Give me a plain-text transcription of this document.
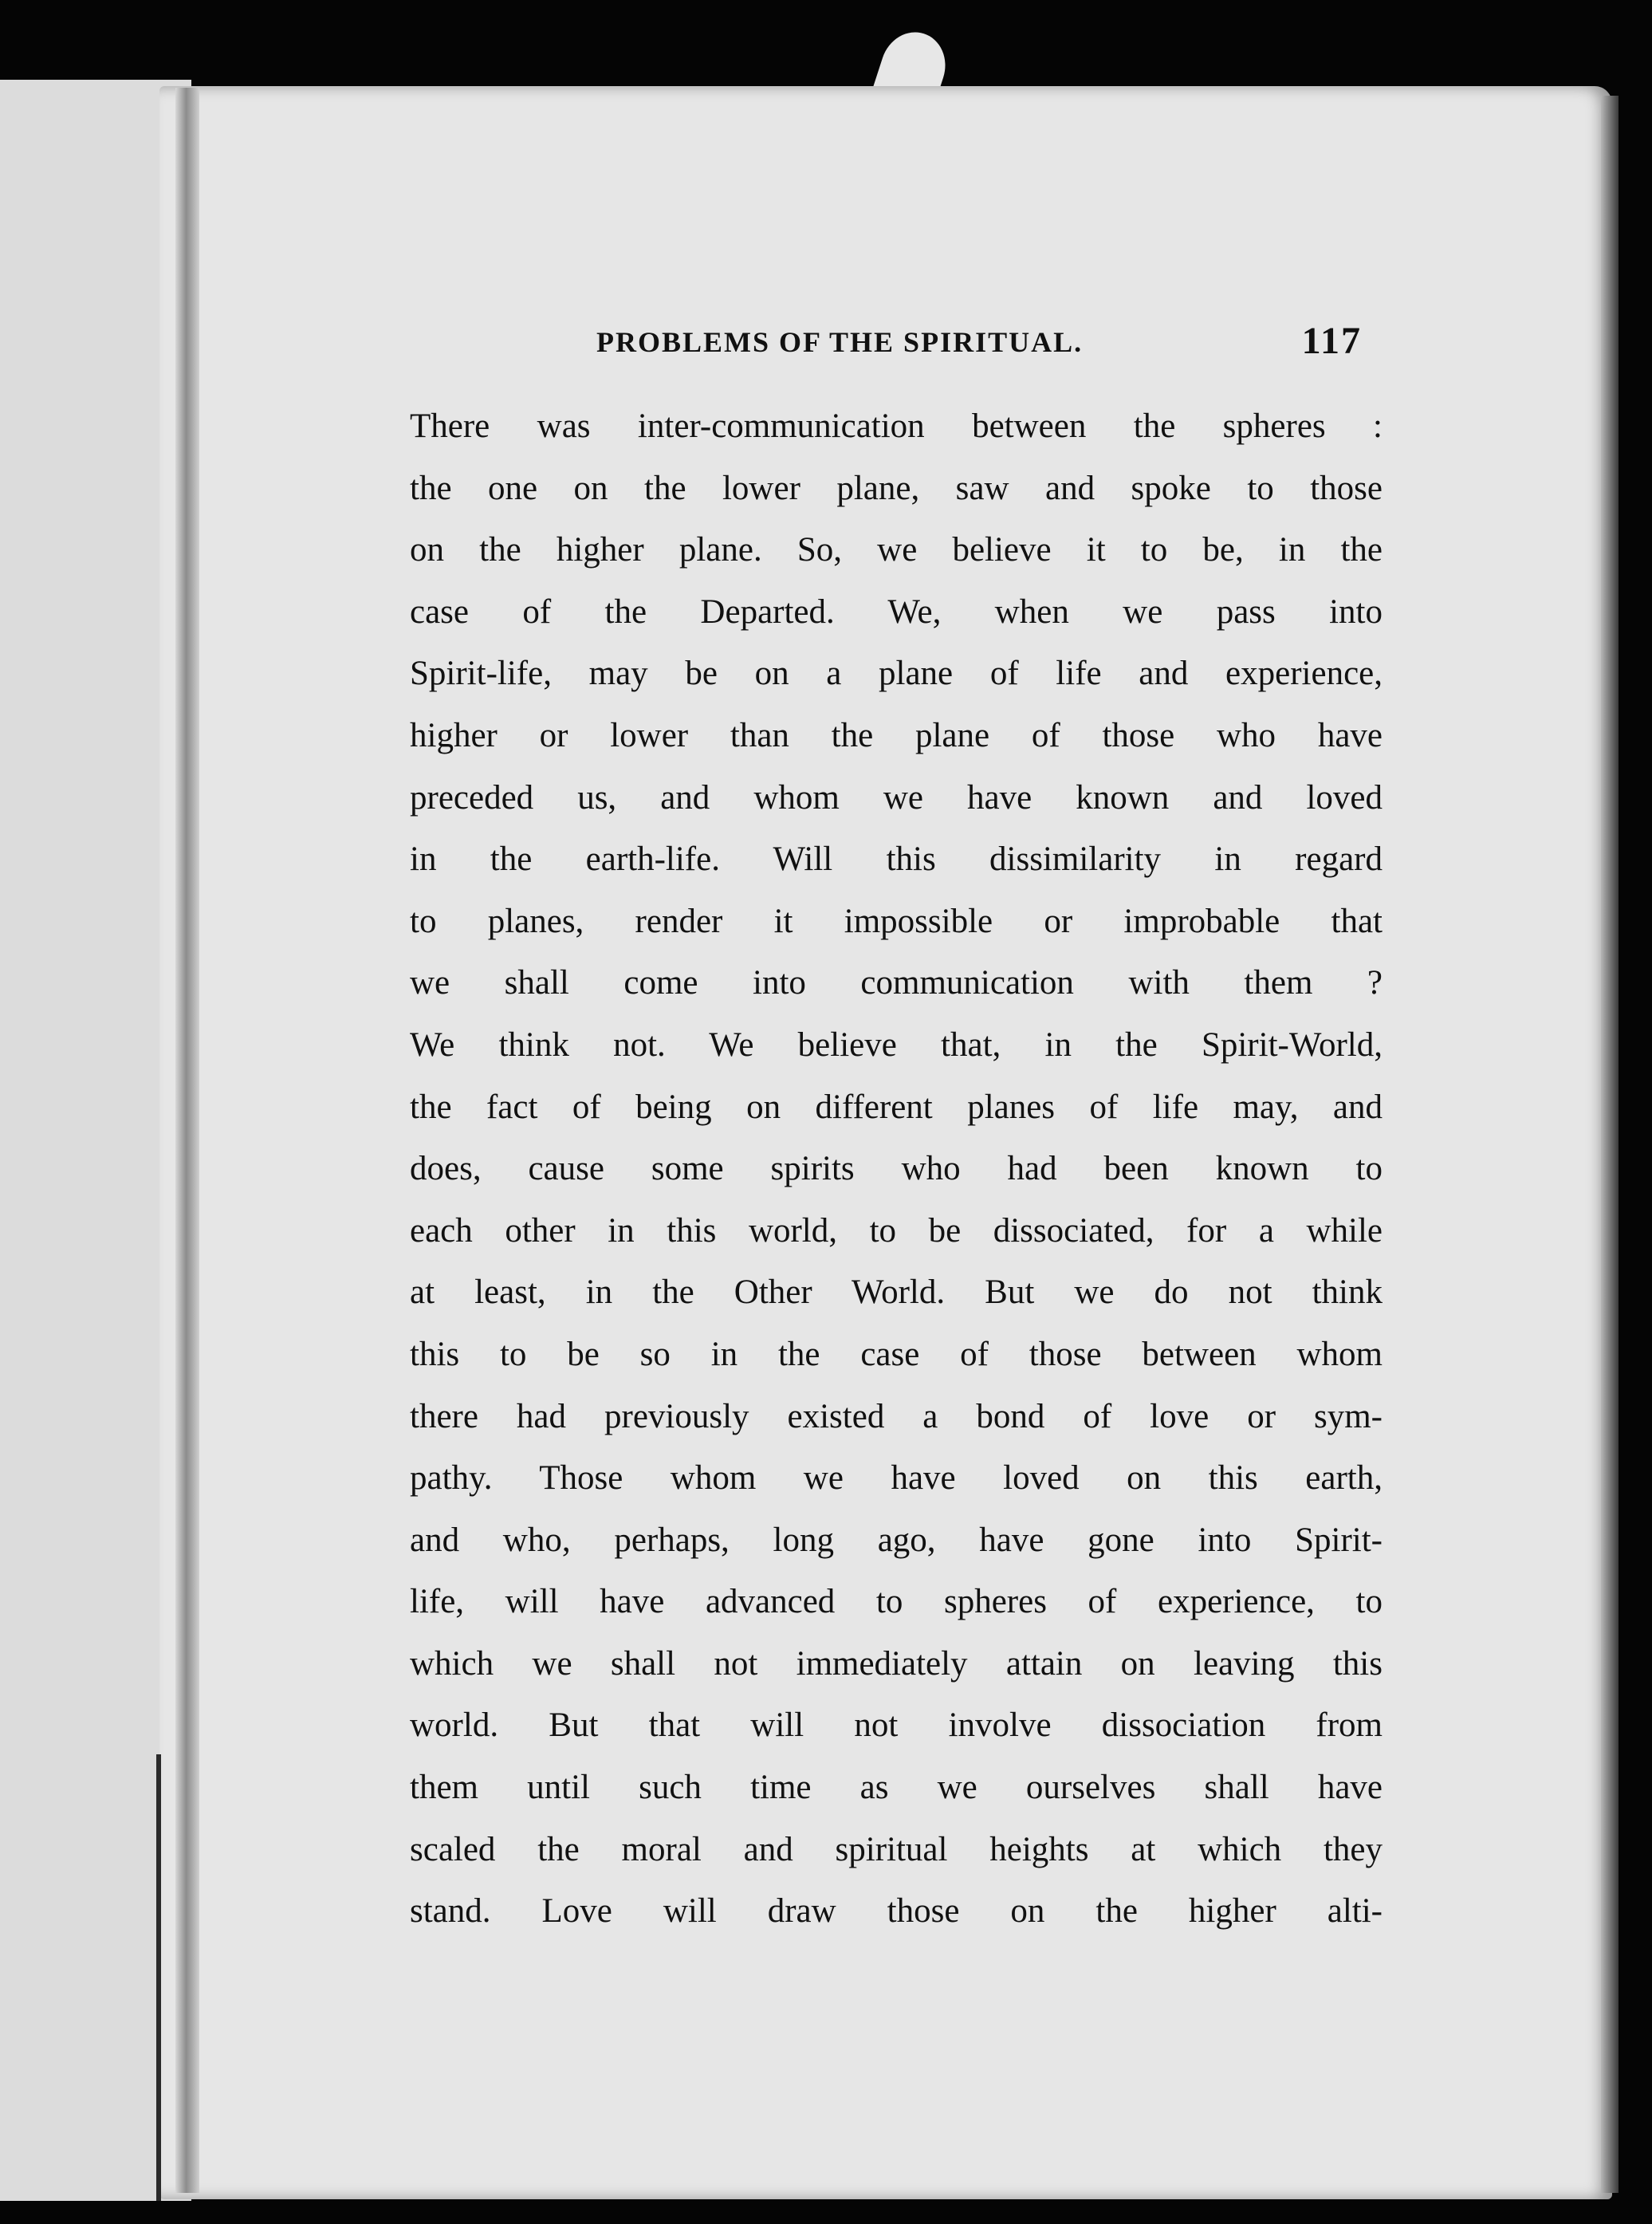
PROBLEMS OF THE SPIRITUAL.	117
There was inter-communication between the spheres :
the one on the lower plane, saw and spoke to those
on the higher plane. So, we believe it to be, in the
case of the Departed. We, when we pass into
Spirit-life, may be on a plane of life and experience,
higher or lower than the plane of those who have
preceded us, and whom we have known and loved
in the earth-life. Will this dissimilarity in regard
to planes, render it impossible or improbable that
we shall come into communication with them ?
We think not. We believe that, in the Spirit-World,
the fact of being on different planes of life may, and
does, cause some spirits who had been known to
each other in this world, to be dissociated, for a while
at least, in the Other World. But we do not think
this to be so in the case of those between whom
there had previously existed a bond of love or sym-
pathy. Those whom we have loved on this earth,
and who, perhaps, long ago, have gone into Spirit-
life, will have advanced to spheres of experience, to
which we shall not immediately attain on leaving this
world. But that will not involve dissociation from
them until such time as we ourselves shall have
scaled the moral and spiritual heights at which they
stand. Love will draw those on the higher alti-
